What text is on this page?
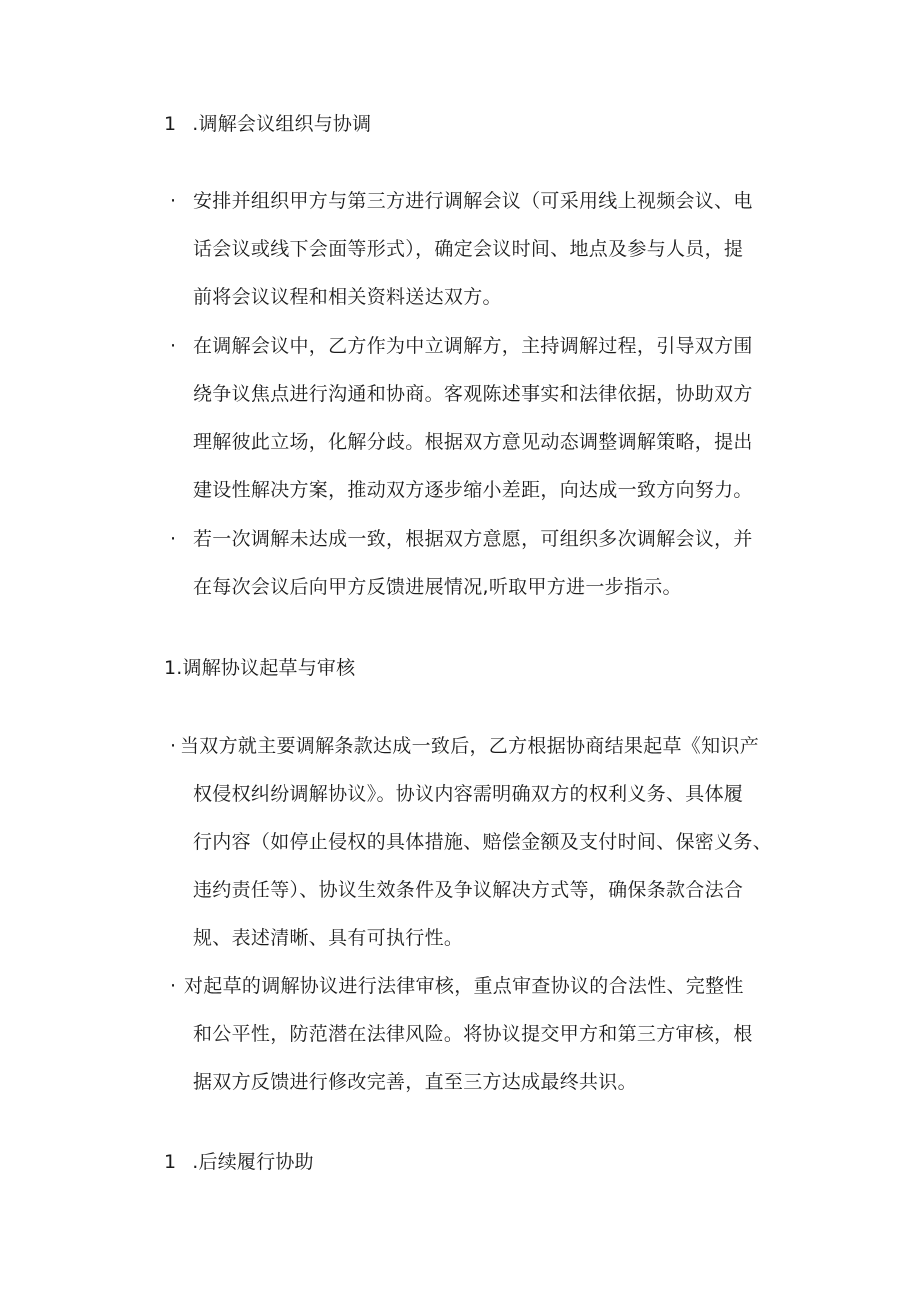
1 .调解会议组织与协调
· 安排并组织甲方与第三方进行调解会议（可采用线上视频会议、电
话会议或线下会面等形式），确定会议时间、地点及参与人员，提
前将会议议程和相关资料送达双方。
· 在调解会议中，乙方作为中立调解方，主持调解过程，引导双方围
绕争议焦点进行沟通和协商。客观陈述事实和法律依据，协助双方
理解彼此立场，化解分歧。根据双方意见动态调整调解策略，提出
建设性解决方案，推动双方逐步缩小差距，向达成一致方向努力。
· 若一次调解未达成一致，根据双方意愿，可组织多次调解会议，并
在每次会议后向甲方反馈进展情况,听取甲方进一步指示。
1.调解协议起草与审核
· 当双方就主要调解条款达成一致后，乙方根据协商结果起草《知识产
权侵权纠纷调解协议》。协议内容需明确双方的权利义务、具体履
行内容（如停止侵权的具体措施、赔偿金额及支付时间、保密义务、
违约责任等）、协议生效条件及争议解决方式等，确保条款合法合
规、表述清晰、具有可执行性。
· 对起草的调解协议进行法律审核，重点审查协议的合法性、完整性
和公平性，防范潜在法律风险。将协议提交甲方和第三方审核，根
据双方反馈进行修改完善，直至三方达成最终共识。
1 .后续履行协助
